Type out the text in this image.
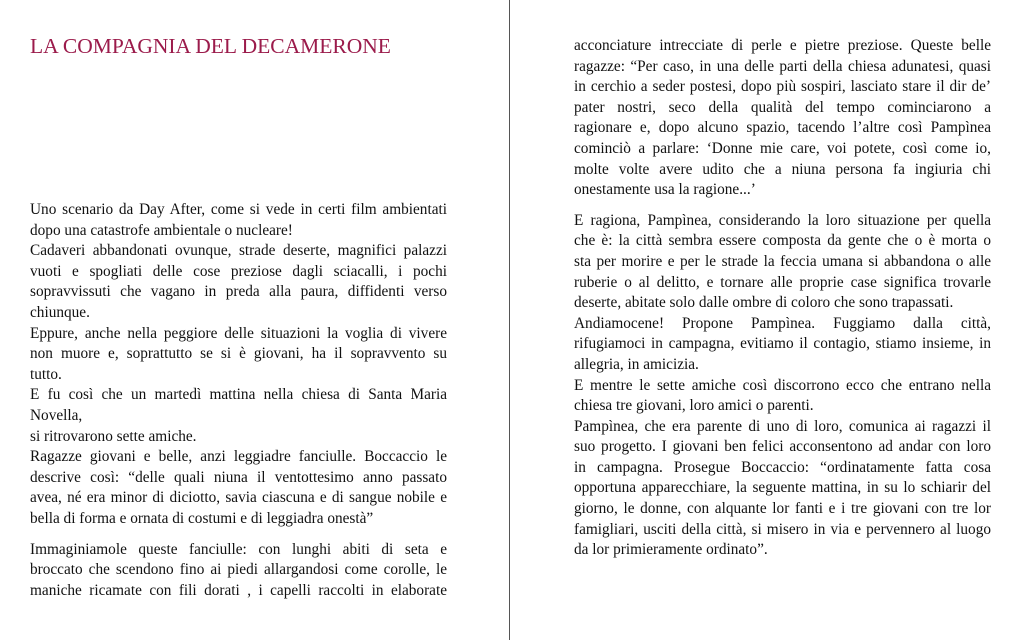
LA COMPAGNIA DEL DECAMERONE
Uno scenario da Day After, come si vede in certi film ambientati
dopo una catastrofe ambientale o nucleare!
Cadaveri abbandonati ovunque, strade deserte, magnifici palazzi
vuoti e spogliati delle cose preziose dagli sciacalli, i pochi
sopravvissuti che vagano in preda alla paura, diffidenti verso
chiunque.
Eppure, anche nella peggiore delle situazioni la voglia di vivere
non muore e, soprattutto se si è giovani, ha il sopravvento su
tutto.
E fu così che un martedì mattina nella chiesa di Santa Maria
Novella,
si ritrovarono sette amiche.
Ragazze giovani e belle, anzi leggiadre fanciulle. Boccaccio le
descrive così: “delle quali niuna il ventottesimo anno passato
avea, né era minor di diciotto, savia ciascuna e di sangue nobile e
bella di forma e ornata di costumi e di leggiadra onestà”
Immaginiamole queste fanciulle: con lunghi abiti di seta e
broccato che scendono fino ai piedi allargandosi come corolle, le
maniche ricamate con fili dorati , i capelli raccolti in elaborate
acconciature intrecciate di perle e pietre preziose. Queste belle
ragazze: “Per caso, in una delle parti della chiesa adunatesi, quasi
in cerchio a seder postesi, dopo più sospiri, lasciato stare il dir de’
pater nostri, seco della qualità del tempo cominciarono a
ragionare e, dopo alcuno spazio, tacendo l’altre così Pampìnea
cominciò a parlare: ‘Donne mie care, voi potete, così come io,
molte volte avere udito che a niuna persona fa ingiuria chi
onestamente usa la ragione...’
E ragiona, Pampìnea, considerando la loro situazione per quella
che è: la città sembra essere composta da gente che o è morta o
sta per morire e per le strade la feccia umana si abbandona o alle
ruberie o al delitto, e tornare alle proprie case significa trovarle
deserte, abitate solo dalle ombre di coloro che sono trapassati.
Andiamocene! Propone Pampìnea. Fuggiamo dalla città,
rifugiamoci in campagna, evitiamo il contagio, stiamo insieme, in
allegria, in amicizia.
E mentre le sette amiche così discorrono ecco che entrano nella
chiesa tre giovani, loro amici o parenti.
Pampìnea, che era parente di uno di loro, comunica ai ragazzi il
suo progetto. I giovani ben felici acconsentono ad andar con loro
in campagna. Prosegue Boccaccio: “ordinatamente fatta cosa
opportuna apparecchiare, la seguente mattina, in su lo schiarir del
giorno, le donne, con alquante lor fanti e i tre giovani con tre lor
famigliari, usciti della città, si misero in via e pervennero al luogo
da lor primieramente ordinato”.
